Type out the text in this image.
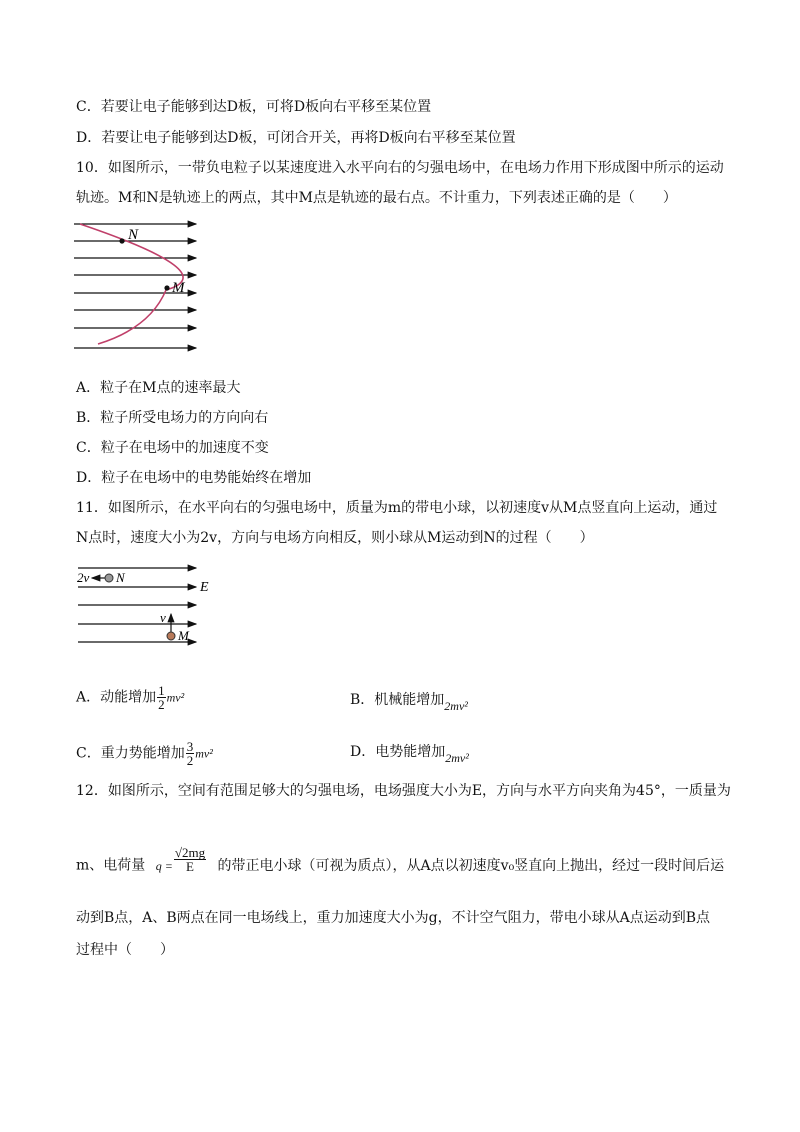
C．若要让电子能够到达D板，可将D板向右平移至某位置
D．若要让电子能够到达D板，可闭合开关，再将D板向右平移至某位置
10．如图所示，一带负电粒子以某速度进入水平向右的匀强电场中，在电场力作用下形成图中所示的运动
轨迹。M和N是轨迹上的两点，其中M点是轨迹的最右点。不计重力，下列表述正确的是（　　）
N
M
A．粒子在M点的速率最大
B．粒子所受电场力的方向向右
C．粒子在电场中的加速度不变
D．粒子在电场中的电势能始终在增加
11．如图所示，在水平向右的匀强电场中，质量为m的带电小球，以初速度v从M点竖直向上运动，通过
N点时，速度大小为2v，方向与电场方向相反，则小球从M运动到N的过程（　　）
2v N
E
v
M
A．动能增加 $\frac{1}{2} mv^2$	B．机械能增加2mv²
C．重力势能增加 $\frac{3}{2} mv^2$	D．电势能增加2mv²
12．如图所示，空间有范围足够大的匀强电场，电场强度大小为E，方向与水平方向夹角为45°，一质量为
m、电荷量 $q = \frac{√2mg}{E}$ 的带正电小球（可视为质点），从A点以初速度v₀竖直向上抛出，经过一段时间后运
动到B点，A、B两点在同一电场线上，重力加速度大小为g，不计空气阻力，带电小球从A点运动到B点
过程中（　　）
